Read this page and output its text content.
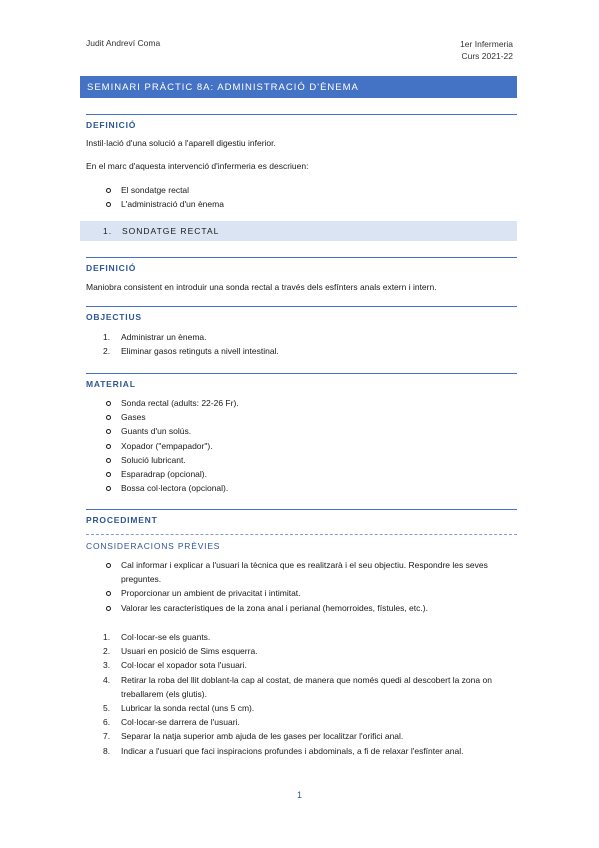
Judit Andreví Coma	1er Infermeria
Curs 2021-22
SEMINARI PRÀCTIC 8A: ADMINISTRACIÓ D'ÈNEMA
DEFINICIÓ
Instil·lació d'una solució a l'aparell digestiu inferior.
En el marc d'aquesta intervenció d'infermeria es descriuen:
El sondatge rectal
L'administració d'un ènema
1. SONDATGE RECTAL
DEFINICIÓ
Maniobra consistent en introduir una sonda rectal a través dels esfínters anals extern i intern.
OBJECTIUS
1. Administrar un ènema.
2. Eliminar gasos retinguts a nivell intestinal.
MATERIAL
Sonda rectal (adults: 22-26 Fr).
Gases
Guants d'un solús.
Xopador ("empapador").
Solució lubricant.
Esparadrap (opcional).
Bossa col·lectora (opcional).
PROCEDIMENT
CONSIDERACIONS PRÈVIES
Cal informar i explicar a l'usuari la tècnica que es realitzarà i el seu objectiu. Respondre les seves preguntes.
Proporcionar un ambient de privacitat i intimitat.
Valorar les característiques de la zona anal i perianal (hemorroides, fístules, etc.).
1. Col·locar-se els guants.
2. Usuari en posició de Sims esquerra.
3. Col·locar el xopador sota l'usuari.
4. Retirar la roba del llit doblant-la cap al costat, de manera que només quedi al descobert la zona on treballarem (els glutis).
5. Lubricar la sonda rectal (uns 5 cm).
6. Col·locar-se darrera de l'usuari.
7. Separar la natja superior amb ajuda de les gases per localitzar l'orifici anal.
8. Indicar a l'usuari que faci inspiracions profundes i abdominals, a fi de relaxar l'esfínter anal.
1
